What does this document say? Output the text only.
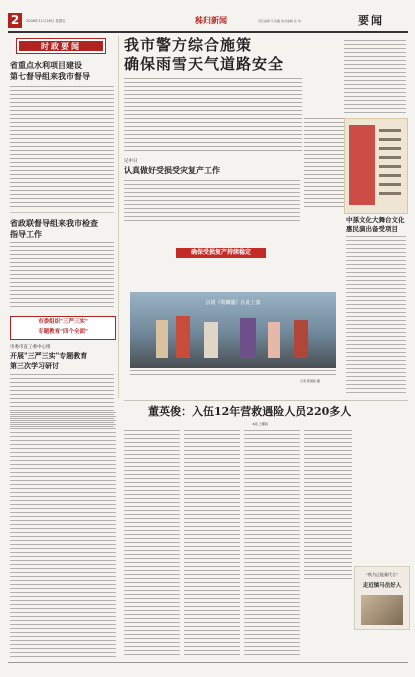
2	2008年11月28日 星期五	秭归新闻	责任编辑 年余鑫 美术编辑 张 伟	要闻
时政要闻
省重点水利项目建设
第七督导组来我市督导
省政联督导组来我市检查
指导工作
市委组织"三严三实"
专题教育"四个全面"
市委市直工委中心组
开展"三严三实"专题教育
第三次学习研讨
我市警方综合施策
确保雨雪天气道路安全
记中日
认真做好受损受灾复产工作
确保受损复产持续稳定
京剧《锁麟囊》在此上演
记者 陈国栋 摄
中孫文化大舞台文化
惠民演出备受项目
董英俊：入伍12年营救遇险人员220多人
本报 王鹏程
"秋为正能量代言"
走近镇马岳好人
